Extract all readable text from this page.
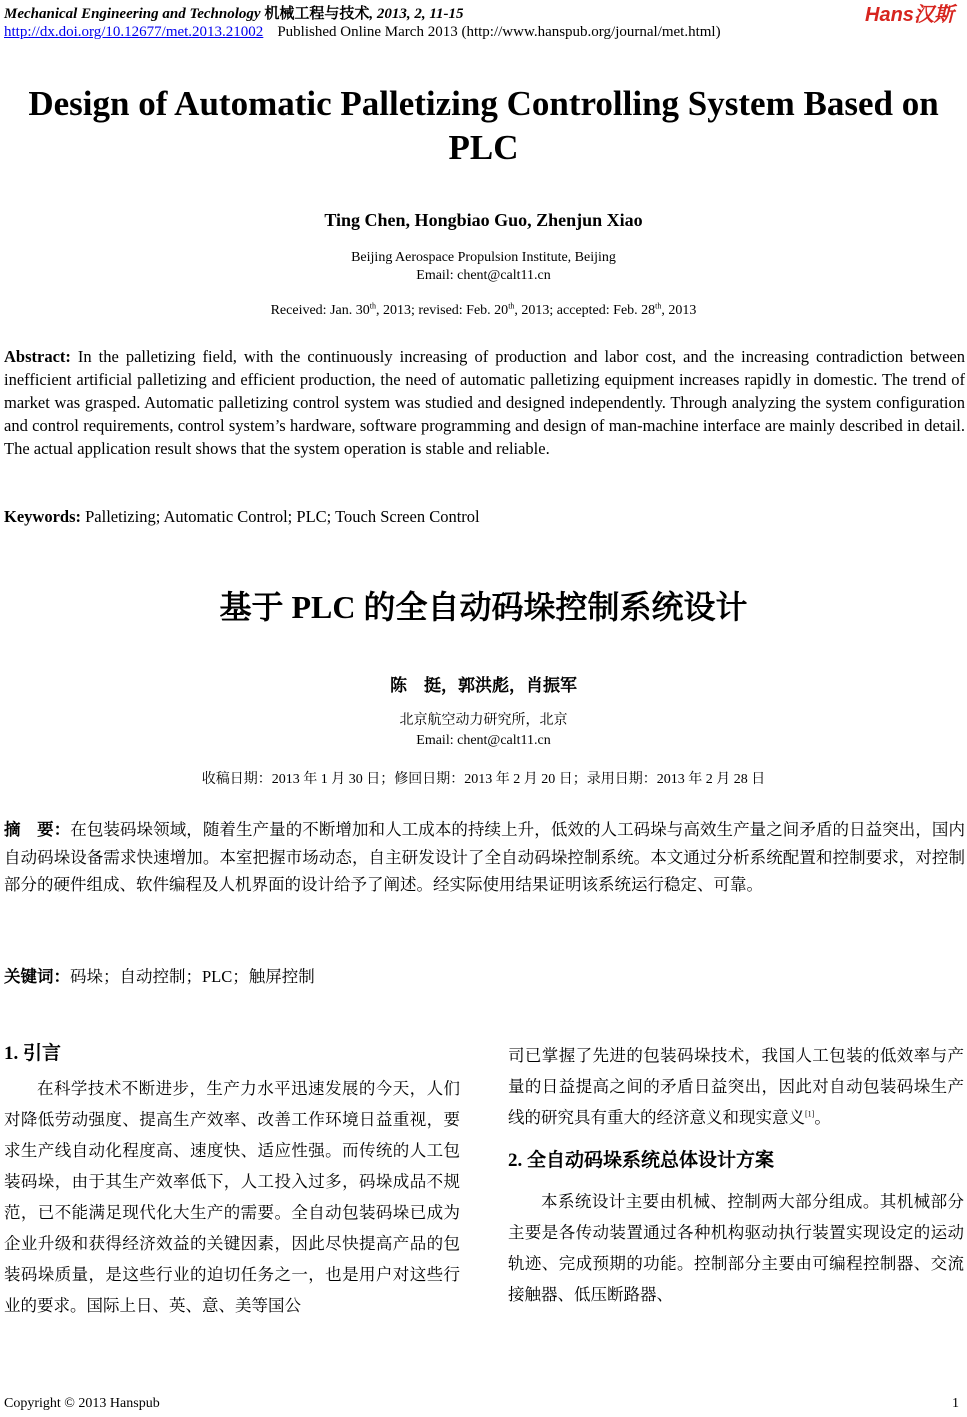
Mechanical Engineering and Technology 机械工程与技术, 2013, 2, 11-15
http://dx.doi.org/10.12677/met.2013.21002 Published Online March 2013 (http://www.hanspub.org/journal/met.html)
Hans汉斯
Design of Automatic Palletizing Controlling System Based on PLC
Ting Chen, Hongbiao Guo, Zhenjun Xiao
Beijing Aerospace Propulsion Institute, Beijing
Email: chent@calt11.cn
Received: Jan. 30th, 2013; revised: Feb. 20th, 2013; accepted: Feb. 28th, 2013
Abstract: In the palletizing field, with the continuously increasing of production and labor cost, and the increasing contradiction between inefficient artificial palletizing and efficient production, the need of automatic palletizing equipment increases rapidly in domestic. The trend of market was grasped. Automatic palletizing control system was studied and designed independently. Through analyzing the system configuration and control requirements, control system’s hardware, software programming and design of man-machine interface are mainly described in detail. The actual application result shows that the system operation is stable and reliable.
Keywords: Palletizing; Automatic Control; PLC; Touch Screen Control
基于 PLC 的全自动码垛控制系统设计
陈　挺，郭洪彪，肖振军
北京航空动力研究所，北京
Email: chent@calt11.cn
收稿日期：2013 年 1 月 30 日；修回日期：2013 年 2 月 20 日；录用日期：2013 年 2 月 28 日
摘　要：在包装码垛领域，随着生产量的不断增加和人工成本的持续上升，低效的人工码垛与高效生产量之间矛盾的日益突出，国内自动码垛设备需求快速增加。本室把握市场动态，自主研发设计了全自动码垛控制系统。本文通过分析系统配置和控制要求，对控制部分的硬件组成、软件编程及人机界面的设计给予了阐述。经实际使用结果证明该系统运行稳定、可靠。
关键词：码垛；自动控制；PLC；触屏控制
1. 引言

在科学技术不断进步，生产力水平迅速发展的今天，人们对降低劳动强度、提高生产效率、改善工作环境日益重视，要求生产线自动化程度高、速度快、适应性强。而传统的人工包装码垛，由于其生产效率低下，人工投入过多，码垛成品不规范，已不能满足现代化大生产的需要。全自动包装码垛已成为企业升级和获得经济效益的关键因素，因此尽快提高产品的包装码垛质量，是这些行业的迫切任务之一，也是用户对这些行业的要求。国际上日、英、意、美等国公

司已掌握了先进的包装码垛技术，我国人工包装的低效率与产量的日益提高之间的矛盾日益突出，因此对自动包装码垛生产线的研究具有重大的经济意义和现实意义[1]。

2. 全自动码垛系统总体设计方案

本系统设计主要由机械、控制两大部分组成。其机械部分主要是各传动装置通过各种机构驱动执行装置实现设定的运动轨迹、完成预期的功能。控制部分主要由可编程控制器、交流接触器、低压断路器、

Copyright © 2013 Hanspub	1
